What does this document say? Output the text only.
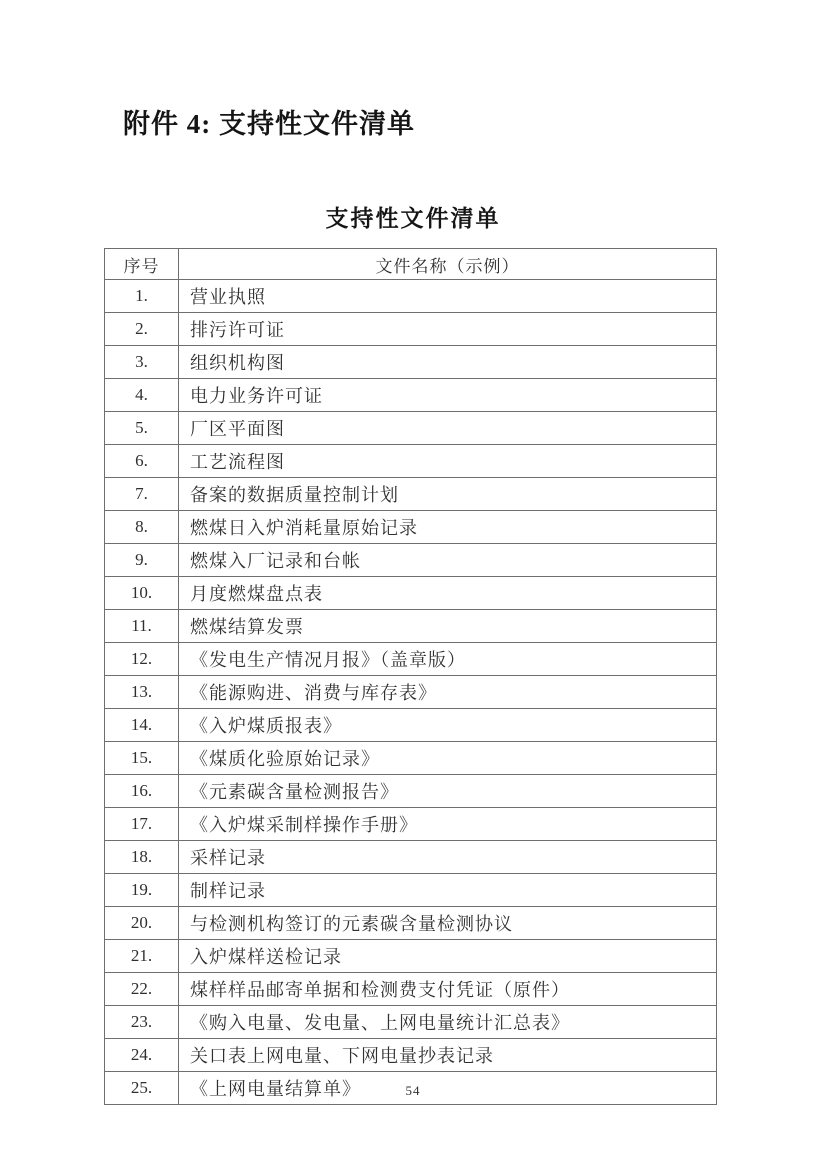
附件 4: 支持性文件清单
支持性文件清单
序号	文件名称（示例）
1.	营业执照
2.	排污许可证
3.	组织机构图
4.	电力业务许可证
5.	厂区平面图
6.	工艺流程图
7.	备案的数据质量控制计划
8.	燃煤日入炉消耗量原始记录
9.	燃煤入厂记录和台帐
10.	月度燃煤盘点表
11.	燃煤结算发票
12.	《发电生产情况月报》（盖章版）
13.	《能源购进、消费与库存表》
14.	《入炉煤质报表》
15.	《煤质化验原始记录》
16.	《元素碳含量检测报告》
17.	《入炉煤采制样操作手册》
18.	采样记录
19.	制样记录
20.	与检测机构签订的元素碳含量检测协议
21.	入炉煤样送检记录
22.	煤样样品邮寄单据和检测费支付凭证（原件）
23.	《购入电量、发电量、上网电量统计汇总表》
24.	关口表上网电量、下网电量抄表记录
25.	《上网电量结算单》	54
